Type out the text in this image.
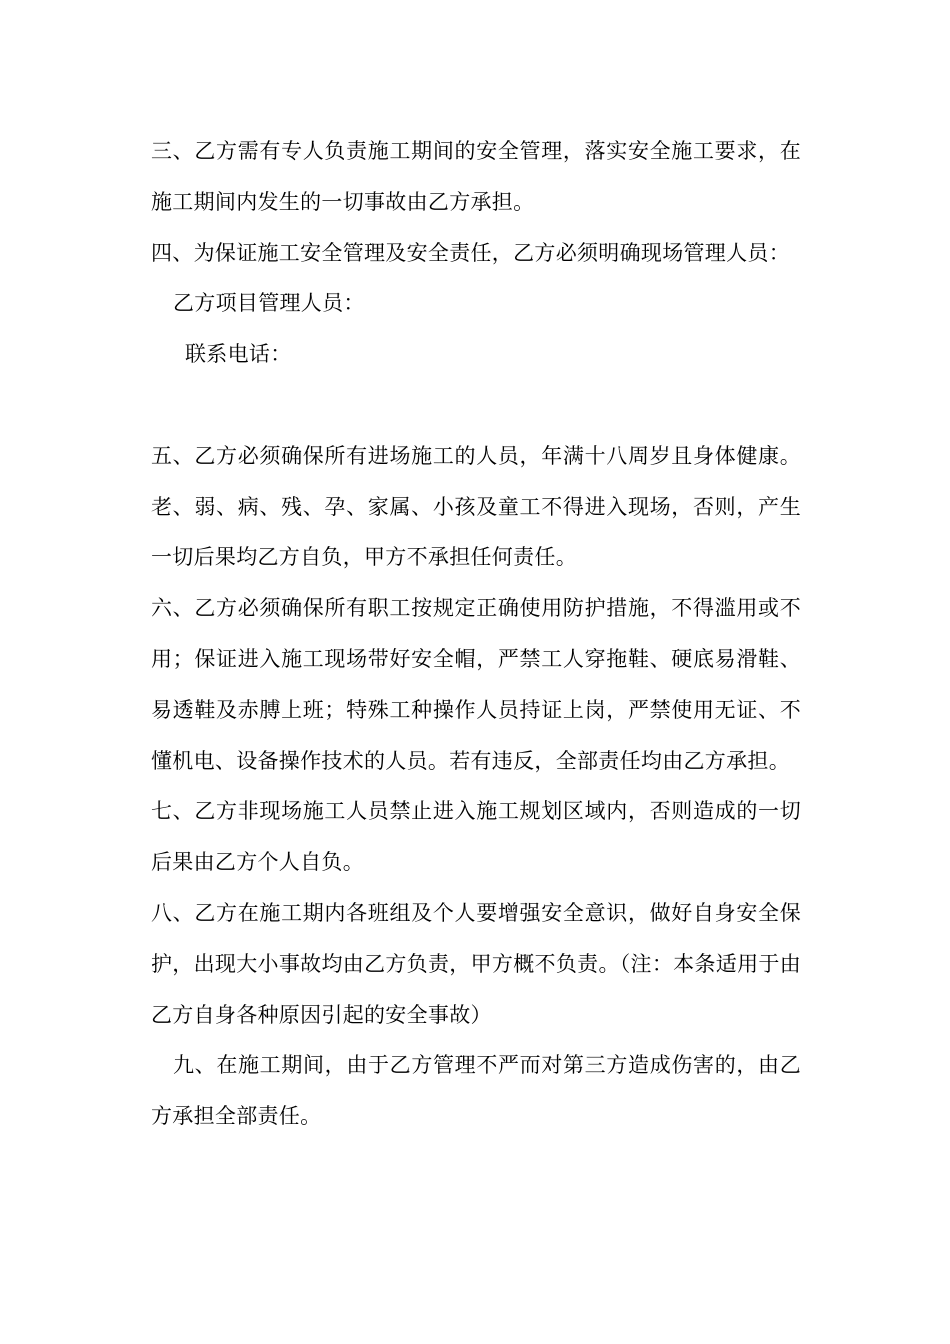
三、乙方需有专人负责施工期间的安全管理，落实安全施工要求，在施工期间内发生的一切事故由乙方承担。

四、为保证施工安全管理及安全责任，乙方必须明确现场管理人员：

乙方项目管理人员：

联系电话：

五、乙方必须确保所有进场施工的人员，年满十八周岁且身体健康。老、弱、病、残、孕、家属、小孩及童工不得进入现场，否则，产生一切后果均乙方自负，甲方不承担任何责任。

六、乙方必须确保所有职工按规定正确使用防护措施，不得滥用或不用；保证进入施工现场带好安全帽，严禁工人穿拖鞋、硬底易滑鞋、易透鞋及赤膊上班；特殊工种操作人员持证上岗，严禁使用无证、不懂机电、设备操作技术的人员。若有违反，全部责任均由乙方承担。

七、乙方非现场施工人员禁止进入施工规划区域内，否则造成的一切后果由乙方个人自负。

八、乙方在施工期内各班组及个人要增强安全意识，做好自身安全保护，出现大小事故均由乙方负责，甲方概不负责。（注：本条适用于由乙方自身各种原因引起的安全事故）

九、在施工期间，由于乙方管理不严而对第三方造成伤害的，由乙方承担全部责任。
